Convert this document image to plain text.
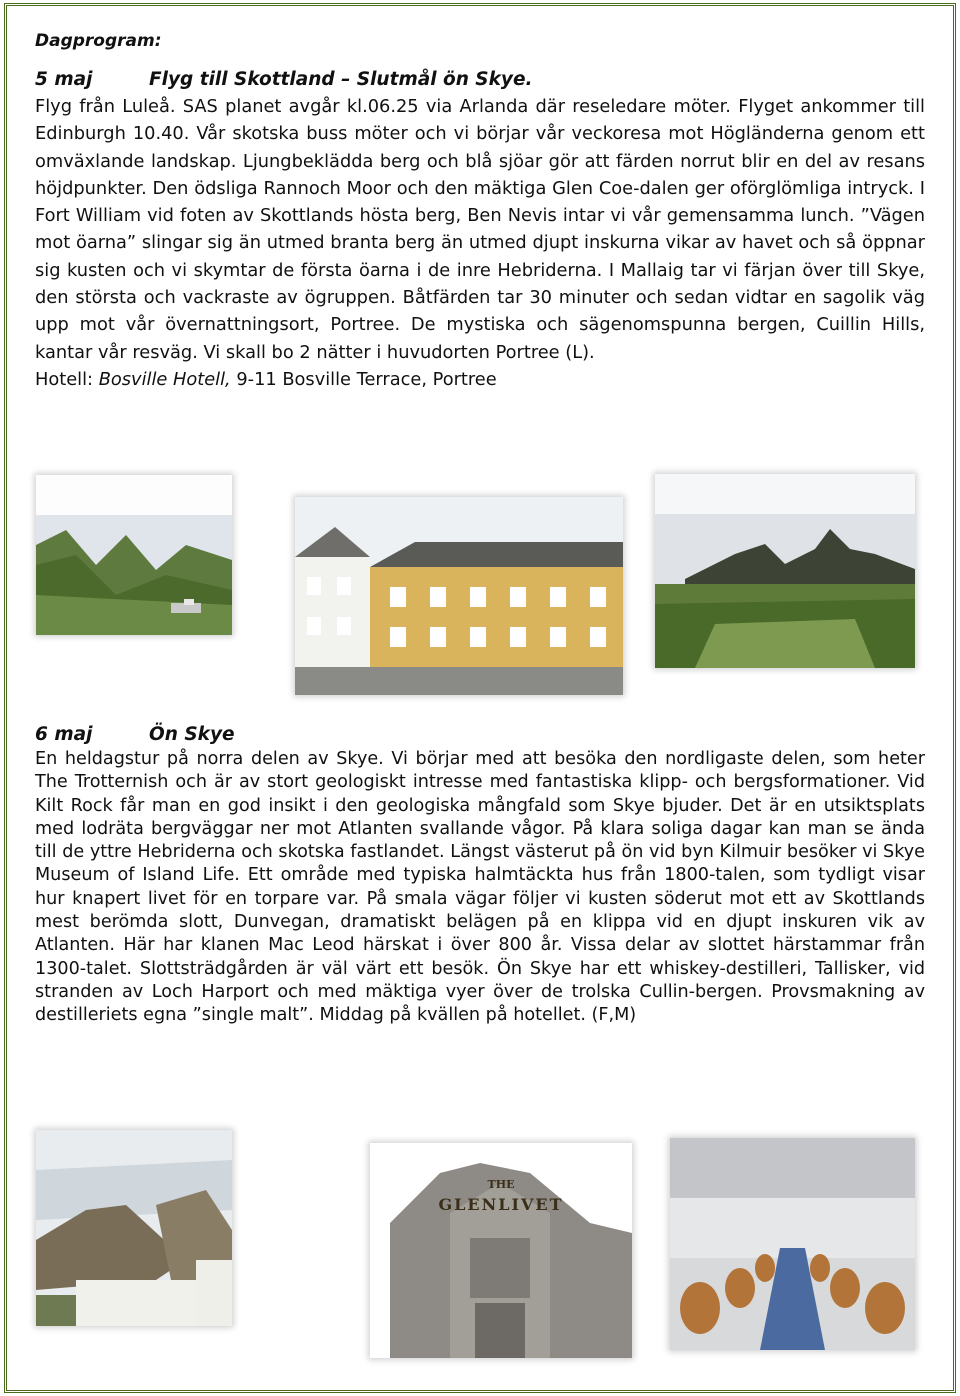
Dagprogram:
5 maj	Flyg till Skottland – Slutmål ön Skye.

Flyg från Luleå. SAS planet avgår kl.06.25 via Arlanda där reseledare möter. Flyget ankommer till Edinburgh 10.40. Vår skotska buss möter och vi börjar vår veckoresa mot Högländerna genom ett omväxlande landskap. Ljungbeklädda berg och blå sjöar gör att färden norrut blir en del av resans höjdpunkter. Den ödsliga Rannoch Moor och den mäktiga Glen Coe-dalen ger oförglömliga intryck. I Fort William vid foten av Skottlands hösta berg, Ben Nevis intar vi vår gemensamma lunch. ”Vägen mot öarna” slingar sig än utmed branta berg än utmed djupt inskurna vikar av havet och så öppnar sig kusten och vi skymtar de första öarna i de inre Hebriderna. I Mallaig tar vi färjan över till Skye, den största och vackraste av ögruppen. Båtfärden tar 30 minuter och sedan vidtar en sagolik väg upp mot vår övernattningsort, Portree. De mystiska och sägenomspunna bergen, Cuillin Hills, kantar vår resväg. Vi skall bo 2 nätter i huvudorten Portree (L).

Hotell: Bosville Hotell, 9-11 Bosville Terrace, Portree
6 maj	Ön Skye

En heldagstur på norra delen av Skye. Vi börjar med att besöka den nordligaste delen, som heter The Trotternish och är av stort geologiskt intresse med fantastiska klipp- och bergsformationer. Vid Kilt Rock får man en god insikt i den geologiska mångfald som Skye bjuder. Det är en utsiktsplats med lodräta bergväggar ner mot Atlanten svallande vågor. På klara soliga dagar kan man se ända till de yttre Hebriderna och skotska fastlandet. Längst västerut på ön vid byn Kilmuir besöker vi Skye Museum of Island Life. Ett område med typiska halmtäckta hus från 1800-talen, som tydligt visar hur knapert livet för en torpare var. På smala vägar följer vi kusten söderut mot ett av Skottlands mest berömda slott, Dunvegan, dramatiskt belägen på en klippa vid en djupt inskuren vik av Atlanten. Här har klanen Mac Leod härskat i över 800 år. Vissa delar av slottet härstammar från 1300-talet. Slottsträdgården är väl värt ett besök. Ön Skye har ett whiskey-destilleri, Tallisker, vid stranden av Loch Harport och med mäktiga vyer över de trolska Cullin-bergen. Provsmakning av destilleriets egna ”single malt”. Middag på kvällen på hotellet. (F,M)

THE
GLENLIVET
